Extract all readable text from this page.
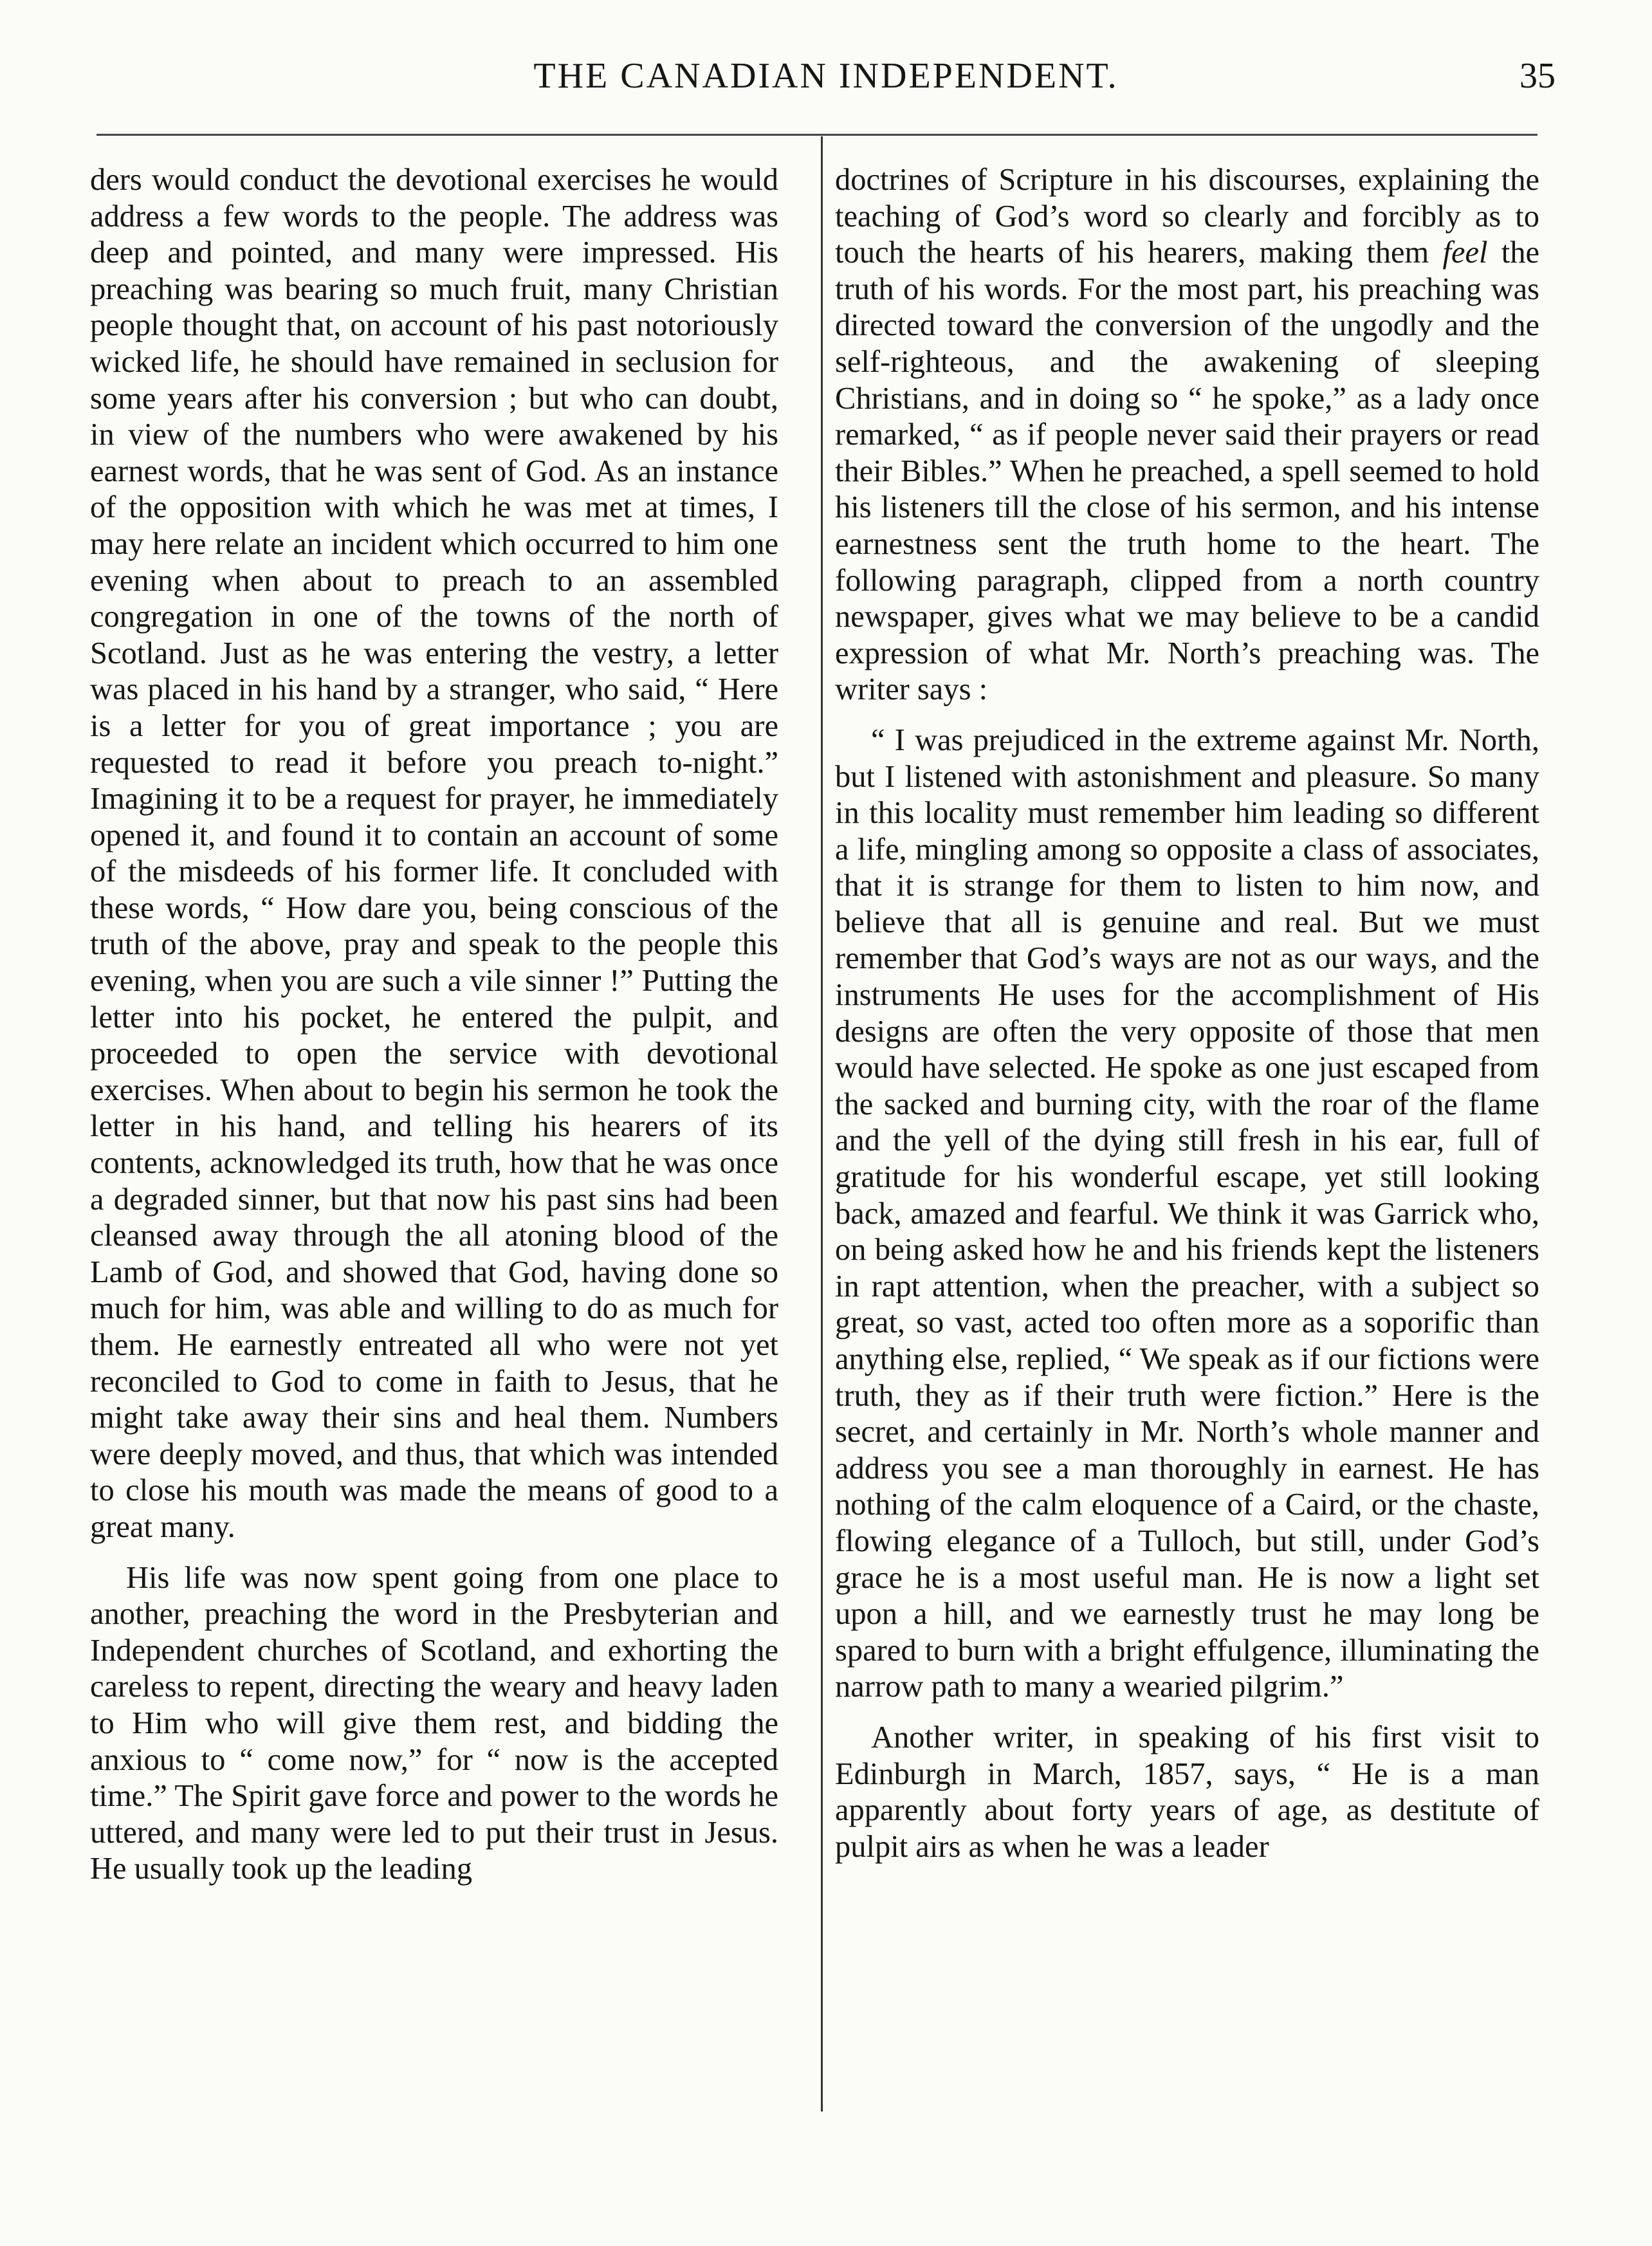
THE CANADIAN INDEPENDENT.	35

ders would conduct the devotional exercises he would address a few words to the people. The address was deep and pointed, and many were impressed. His preaching was bearing so much fruit, many Christian people thought that, on account of his past notoriously wicked life, he should have remained in seclusion for some years after his conversion ; but who can doubt, in view of the numbers who were awakened by his earnest words, that he was sent of God. As an instance of the opposition with which he was met at times, I may here relate an incident which occurred to him one evening when about to preach to an assembled congregation in one of the towns of the north of Scotland. Just as he was entering the vestry, a letter was placed in his hand by a stranger, who said, “ Here is a letter for you of great importance ; you are requested to read it before you preach to-night.” Imagining it to be a request for prayer, he immediately opened it, and found it to contain an account of some of the misdeeds of his former life. It concluded with these words, “ How dare you, being conscious of the truth of the above, pray and speak to the people this evening, when you are such a vile sinner !” Putting the letter into his pocket, he entered the pulpit, and proceeded to open the service with devotional exercises. When about to begin his sermon he took the letter in his hand, and telling his hearers of its contents, acknowledged its truth, how that he was once a degraded sinner, but that now his past sins had been cleansed away through the all atoning blood of the Lamb of God, and showed that God, having done so much for him, was able and willing to do as much for them. He earnestly entreated all who were not yet reconciled to God to come in faith to Jesus, that he might take away their sins and heal them. Numbers were deeply moved, and thus, that which was intended to close his mouth was made the means of good to a great many.

His life was now spent going from one place to another, preaching the word in the Presbyterian and Independent churches of Scotland, and exhorting the careless to repent, directing the weary and heavy laden to Him who will give them rest, and bidding the anxious to “ come now,” for “ now is the accepted time.” The Spirit gave force and power to the words he uttered, and many were led to put their trust in Jesus. He usually took up the leading

doctrines of Scripture in his discourses, explaining the teaching of God’s word so clearly and forcibly as to touch the hearts of his hearers, making them feel the truth of his words. For the most part, his preaching was directed toward the conversion of the ungodly and the self-righteous, and the awakening of sleeping Christians, and in doing so “ he spoke,” as a lady once remarked, “ as if people never said their prayers or read their Bibles.” When he preached, a spell seemed to hold his listeners till the close of his sermon, and his intense earnestness sent the truth home to the heart. The following paragraph, clipped from a north country newspaper, gives what we may believe to be a candid expression of what Mr. North’s preaching was. The writer says :

“ I was prejudiced in the extreme against Mr. North, but I listened with astonishment and pleasure. So many in this locality must remember him leading so different a life, mingling among so opposite a class of associates, that it is strange for them to listen to him now, and believe that all is genuine and real. But we must remember that God’s ways are not as our ways, and the instruments He uses for the accomplishment of His designs are often the very opposite of those that men would have selected. He spoke as one just escaped from the sacked and burning city, with the roar of the flame and the yell of the dying still fresh in his ear, full of gratitude for his wonderful escape, yet still looking back, amazed and fearful. We think it was Garrick who, on being asked how he and his friends kept the listeners in rapt attention, when the preacher, with a subject so great, so vast, acted too often more as a soporific than anything else, replied, “ We speak as if our fictions were truth, they as if their truth were fiction.” Here is the secret, and certainly in Mr. North’s whole manner and address you see a man thoroughly in earnest. He has nothing of the calm eloquence of a Caird, or the chaste, flowing elegance of a Tulloch, but still, under God’s grace he is a most useful man. He is now a light set upon a hill, and we earnestly trust he may long be spared to burn with a bright effulgence, illuminating the narrow path to many a wearied pilgrim.”

Another writer, in speaking of his first visit to Edinburgh in March, 1857, says, “ He is a man apparently about forty years of age, as destitute of pulpit airs as when he was a leader
